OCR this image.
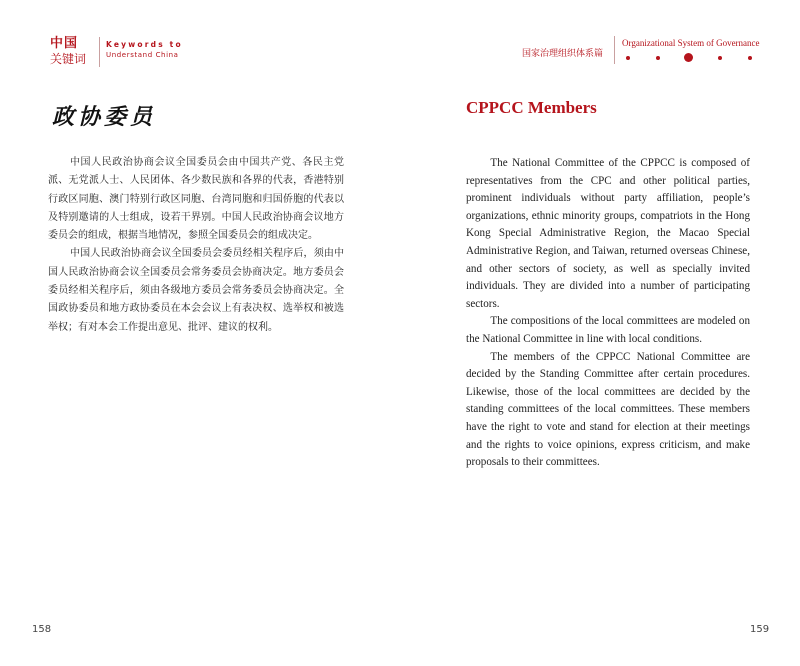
中国
关键词
Keywords to
Understand China
政协委员

中国人民政治协商会议全国委员会由中国共产党、各民主党派、无党派人士、人民团体、各少数民族和各界的代表，香港特别行政区同胞、澳门特别行政区同胞、台湾同胞和归国侨胞的代表以及特别邀请的人士组成，设若干界别。中国人民政治协商会议地方委员会的组成，根据当地情况，参照全国委员会的组成决定。

中国人民政治协商会议全国委员会委员经相关程序后，须由中国人民政治协商会议全国委员会常务委员会协商决定。地方委员会委员经相关程序后，须由各级地方委员会常务委员会协商决定。全国政协委员和地方政协委员在本会会议上有表决权、选举权和被选举权；有对本会工作提出意见、批评、建议的权利。

158
国家治理组织体系篇
Organizational System of Governance
CPPCC Members

The National Committee of the CPPCC is composed of representatives from the CPC and other political parties, prominent individuals without party affiliation, people’s organizations, ethnic minority groups, compatriots in the Hong Kong Special Administrative Region, the Macao Special Administrative Region, and Taiwan, returned overseas Chinese, and other sectors of society, as well as specially invited individuals. They are divided into a number of participating sectors.

The compositions of the local committees are modeled on the National Committee in line with local conditions.

The members of the CPPCC National Committee are decided by the Standing Committee after certain procedures. Likewise, those of the local committees are decided by the standing committees of the local committees. These members have the right to vote and stand for election at their meetings and the rights to voice opinions, express criticism, and make proposals to their committees.

159
